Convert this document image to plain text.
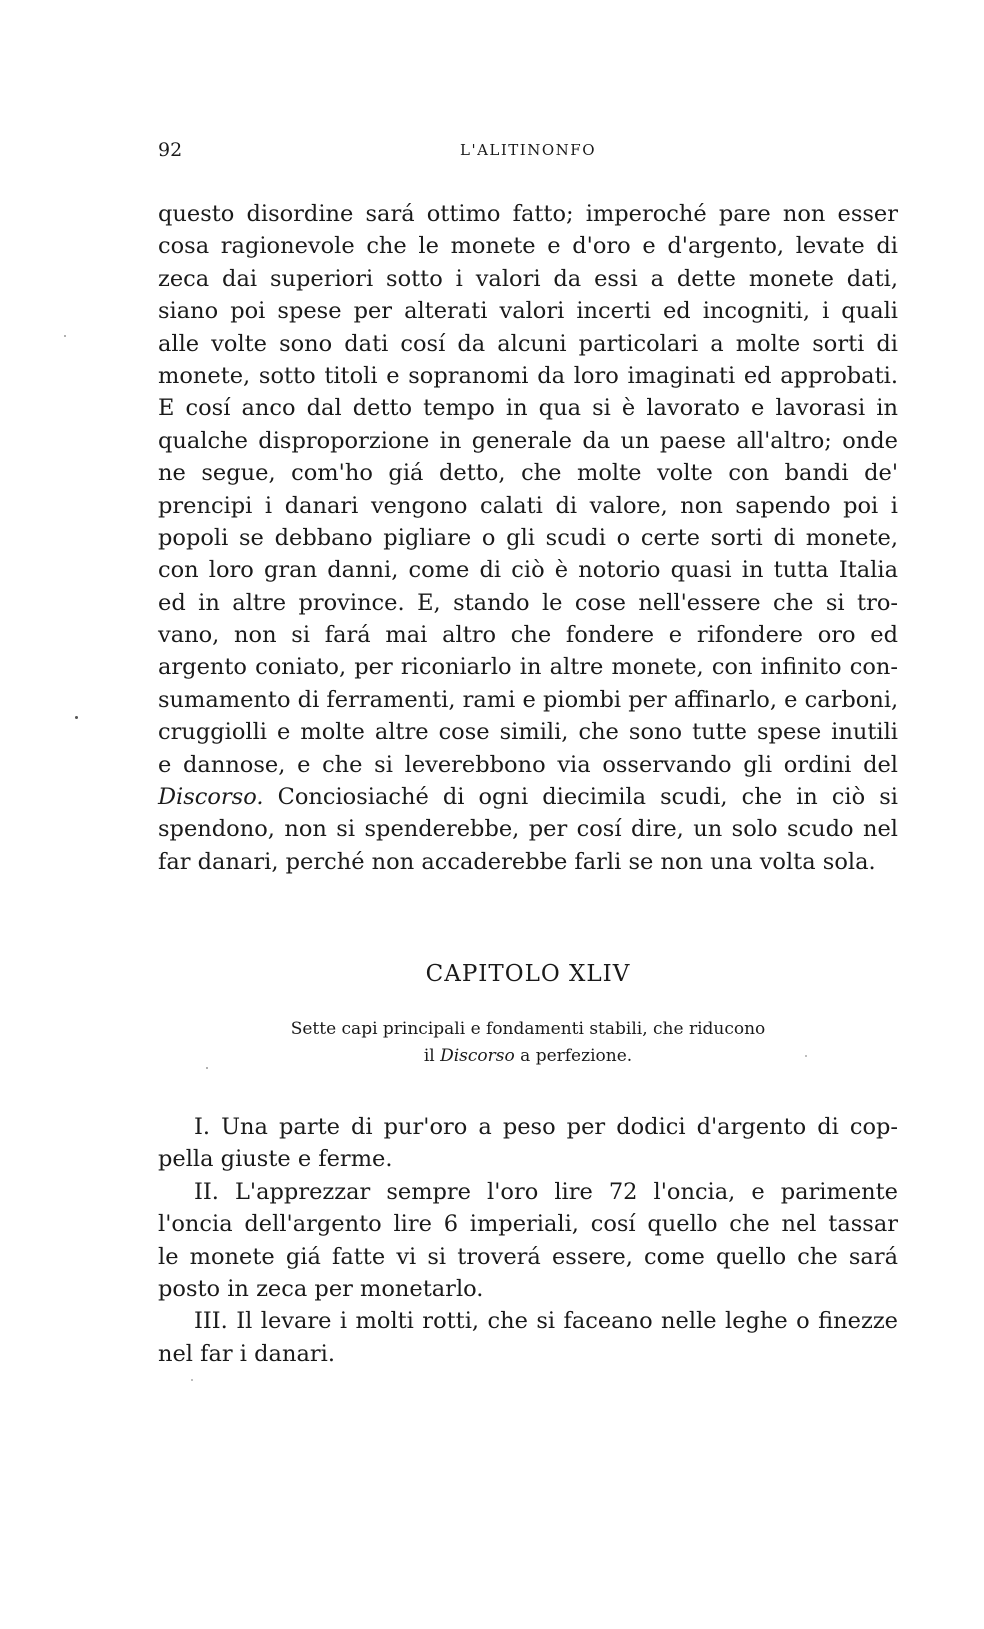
92	L'ALITINONFO
questo disordine sará ottimo fatto; imperoché pare non esser
cosa ragionevole che le monete e d'oro e d'argento, levate di
zeca dai superiori sotto i valori da essi a dette monete dati,
siano poi spese per alterati valori incerti ed incogniti, i quali
alle volte sono dati cosí da alcuni particolari a molte sorti di
monete, sotto titoli e sopranomi da loro imaginati ed approbati.
E cosí anco dal detto tempo in qua si è lavorato e lavorasi in
qualche disproporzione in generale da un paese all'altro; onde
ne segue, com'ho giá detto, che molte volte con bandi de'
prencipi i danari vengono calati di valore, non sapendo poi i
popoli se debbano pigliare o gli scudi o certe sorti di monete,
con loro gran danni, come di ciò è notorio quasi in tutta Italia
ed in altre province. E, stando le cose nell'essere che si tro-
vano, non si fará mai altro che fondere e rifondere oro ed
argento coniato, per riconiarlo in altre monete, con infinito con-
sumamento di ferramenti, rami e piombi per affinarlo, e carboni,
cruggiolli e molte altre cose simili, che sono tutte spese inutili
e dannose, e che si leverebbono via osservando gli ordini del
Discorso. Conciosiaché di ogni diecimila scudi, che in ciò si
spendono, non si spenderebbe, per cosí dire, un solo scudo nel
far danari, perché non accaderebbe farli se non una volta sola.
CAPITOLO XLIV
Sette capi principali e fondamenti stabili, che riducono
il Discorso a perfezione.
I. Una parte di pur'oro a peso per dodici d'argento di cop-
pella giuste e ferme.
II. L'apprezzar sempre l'oro lire 72 l'oncia, e parimente
l'oncia dell'argento lire 6 imperiali, cosí quello che nel tassar
le monete giá fatte vi si troverá essere, come quello che sará
posto in zeca per monetarlo.
III. Il levare i molti rotti, che si faceano nelle leghe o finezze
nel far i danari.
